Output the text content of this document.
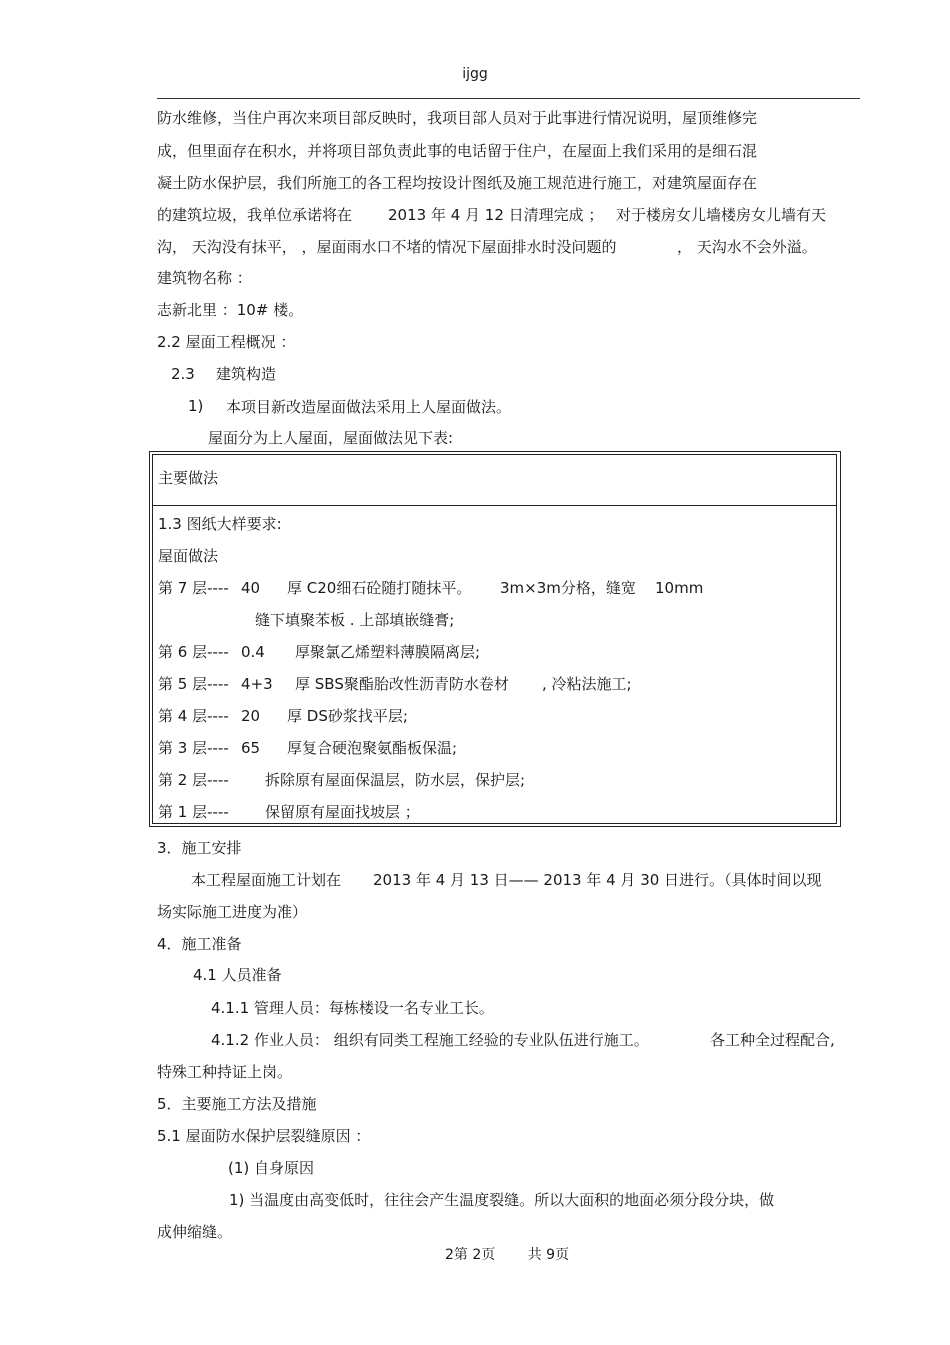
ijgg
防水维修，当住户再次来项目部反映时，我项目部人员对于此事进行情况说明，屋顶维修完
成，但里面存在积水，并将项目部负责此事的电话留于住户，在屋面上我们采用的是细石混
凝土防水保护层，我们所施工的各工程均按设计图纸及施工规范进行施工，对建筑屋面存在
的建筑垃圾，我单位承诺将在 2013 年 4 月 12 日清理完成 ； 对于楼房女儿墙楼房女儿墙有天
沟， 天沟没有抹平， ，屋面雨水口不堵的情况下屋面排水时没问题的	， 天沟水不会外溢。
建筑物名称 ：
志新北里 ：10# 楼。
2.2 屋面工程概况 ：
2.3 建筑构造
1) 本项目新改造屋面做法采用上人屋面做法。
屋面分为上人屋面，屋面做法见下表:
主要做法
1.3 图纸大样要求:
屋面做法
第 7 层---- 40 厚 C20细石砼随打随抹平。 3m×3m分格，缝宽 10mm
缝下填聚苯板 . 上部填嵌缝膏;
第 6 层---- 0.4 厚聚氯乙烯塑料薄膜隔离层;
第 5 层---- 4+3 厚 SBS聚酯胎改性沥青防水卷材 , 冷粘法施工;
第 4 层---- 20 厚 DS砂浆找平层;
第 3 层---- 65 厚复合硬泡聚氨酯板保温;
第 2 层---- 拆除原有屋面保温层，防水层，保护层;
第 1 层---- 保留原有屋面找坡层 ；
3．施工安排
本工程屋面施工计划在 2013 年 4 月 13 日—— 2013 年 4 月 30 日进行。（具体时间以现
场实际施工进度为准）
4．施工准备
4.1 人员准备
4.1.1 管理人员：每栋楼设一名专业工长。
4.1.2 作业人员： 组织有同类工程施工经验的专业队伍进行施工。	各工种全过程配合,
特殊工种持证上岗。
5．主要施工方法及措施
5.1 屋面防水保护层裂缝原因 ：
(1) 自身原因
1) 当温度由高变低时，往往会产生温度裂缝。所以大面积的地面必须分段分块，做
成伸缩缝。
2第 2页 共 9页
